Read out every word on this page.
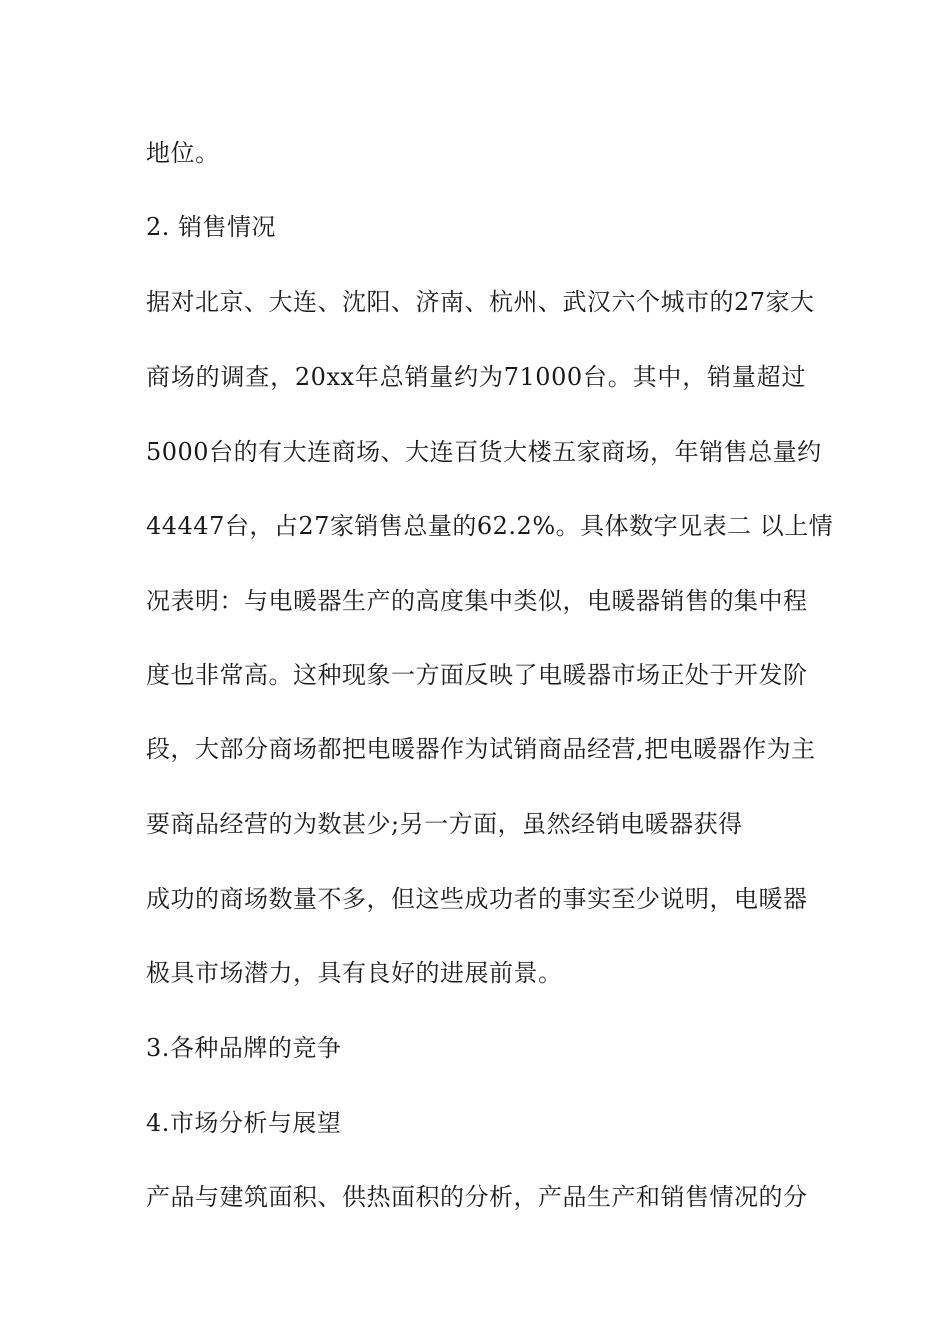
地位。
2. 销售情况
据对北京、大连、沈阳、济南、杭州、武汉六个城市的27家大
商场的调查，20xx年总销量约为71000台。其中，销量超过
5000台的有大连商场、大连百货大楼五家商场，年销售总量约
44447台，占27家销售总量的62.2%。具体数字见表二 以上情
况表明：与电暖器生产的高度集中类似，电暖器销售的集中程
度也非常高。这种现象一方面反映了电暖器市场正处于开发阶
段，大部分商场都把电暖器作为试销商品经营,把电暖器作为主
要商品经营的为数甚少;另一方面，虽然经销电暖器获得
成功的商场数量不多，但这些成功者的事实至少说明，电暖器
极具市场潜力，具有良好的进展前景。
3.各种品牌的竞争
4.市场分析与展望
产品与建筑面积、供热面积的分析，产品生产和销售情况的分
